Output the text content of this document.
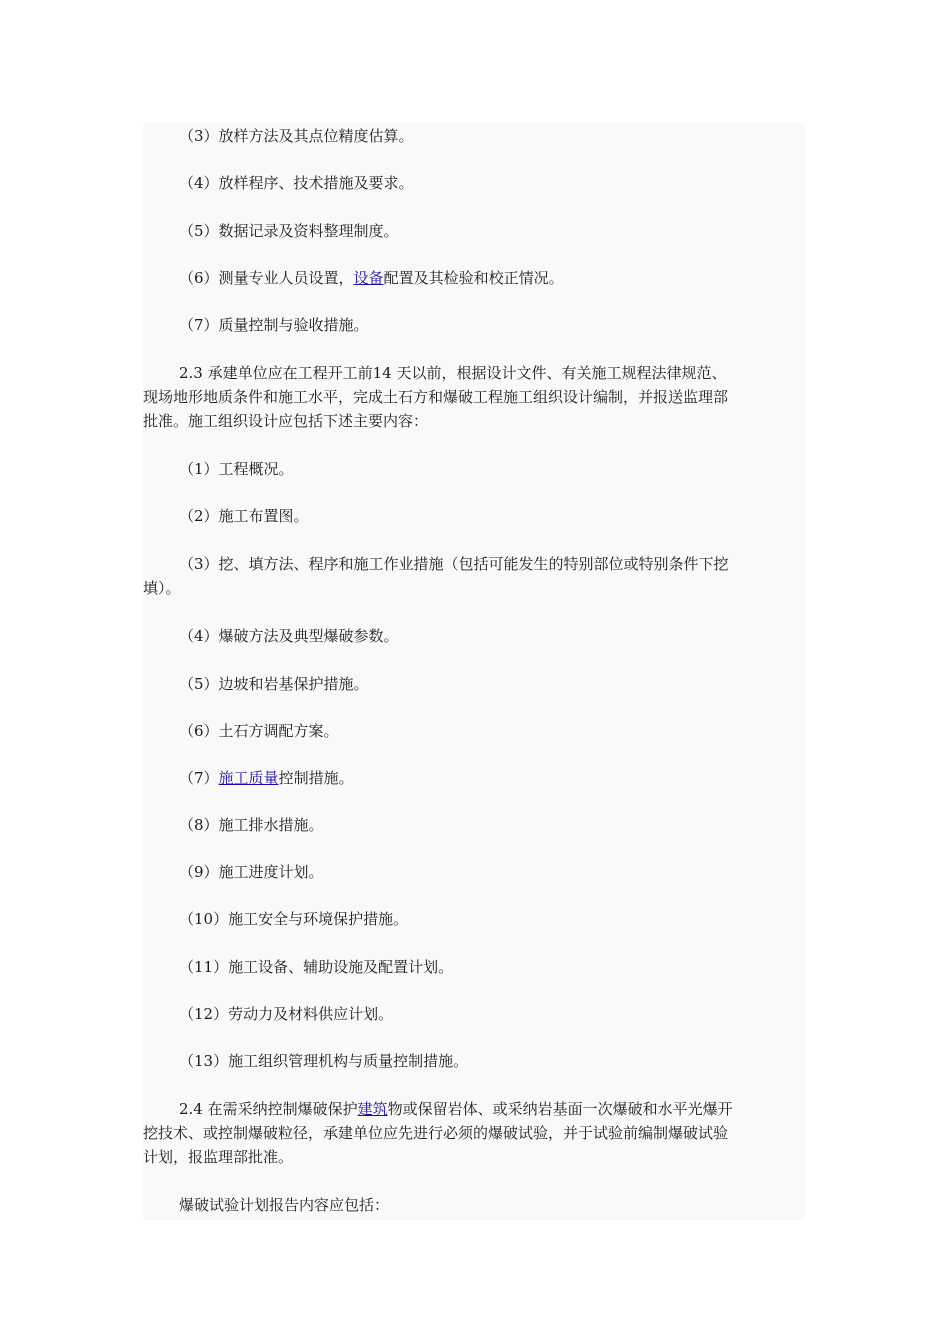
（3）放样方法及其点位精度估算。

（4）放样程序、技术措施及要求。

（5）数据记录及资料整理制度。

（6）测量专业人员设置，设备配置及其检验和校正情况。

（7）质量控制与验收措施。

2.3 承建单位应在工程开工前14 天以前，根据设计文件、有关施工规程法律规范、

现场地形地质条件和施工水平，完成土石方和爆破工程施工组织设计编制，并报送监理部

批准。施工组织设计应包括下述主要内容：

（1）工程概况。

（2）施工布置图。

（3）挖、填方法、程序和施工作业措施（包括可能发生的特别部位或特别条件下挖

填）。

（4）爆破方法及典型爆破参数。

（5）边坡和岩基保护措施。

（6）土石方调配方案。

（7）施工质量控制措施。

（8）施工排水措施。

（9）施工进度计划。

（10）施工安全与环境保护措施。

（11）施工设备、辅助设施及配置计划。

（12）劳动力及材料供应计划。

（13）施工组织管理机构与质量控制措施。

2.4 在需采纳控制爆破保护建筑物或保留岩体、或采纳岩基面一次爆破和水平光爆开

挖技术、或控制爆破粒径，承建单位应先进行必须的爆破试验，并于试验前编制爆破试验

计划，报监理部批准。

爆破试验计划报告内容应包括：
